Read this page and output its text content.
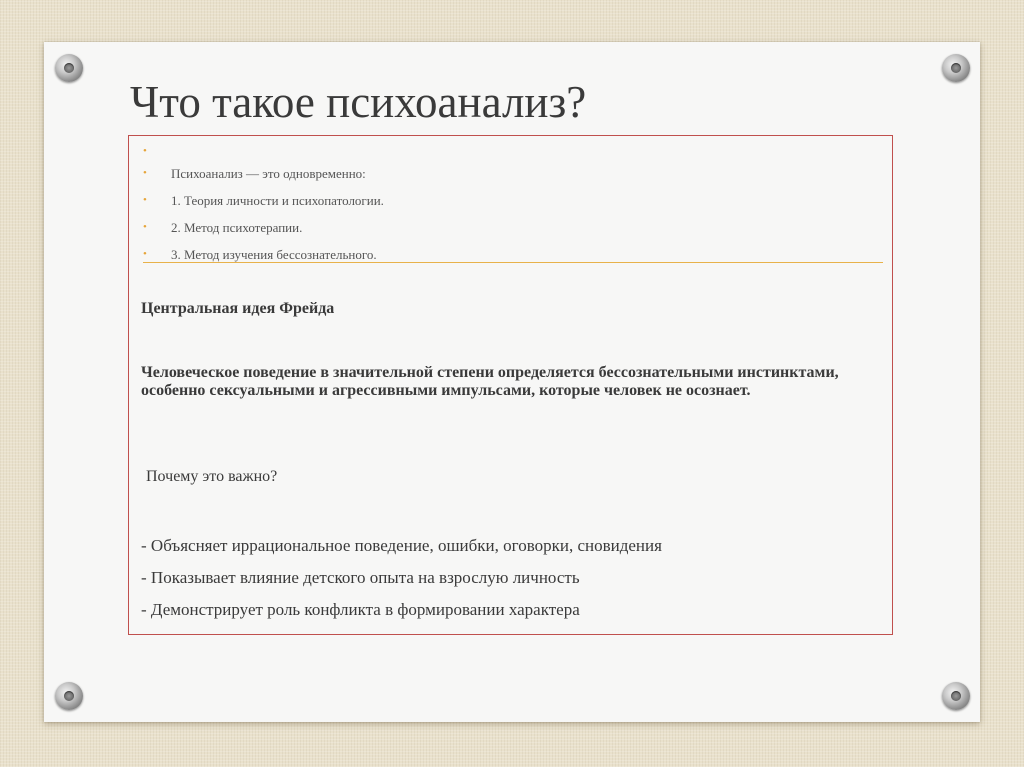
Что такое психоанализ?
•
• Психоанализ — это одновременно:
• 1. Теория личности и психопатологии.
• 2. Метод психотерапии.
• 3. Метод изучения бессознательного.

Центральная идея Фрейда

Человеческое поведение в значительной степени определяется бессознательными инстинктами, особенно сексуальными и агрессивными импульсами, которые человек не осознает.

Почему это важно?

- Объясняет иррациональное поведение, ошибки, оговорки, сновидения
- Показывает влияние детского опыта на взрослую личность
- Демонстрирует роль конфликта в формировании характера
